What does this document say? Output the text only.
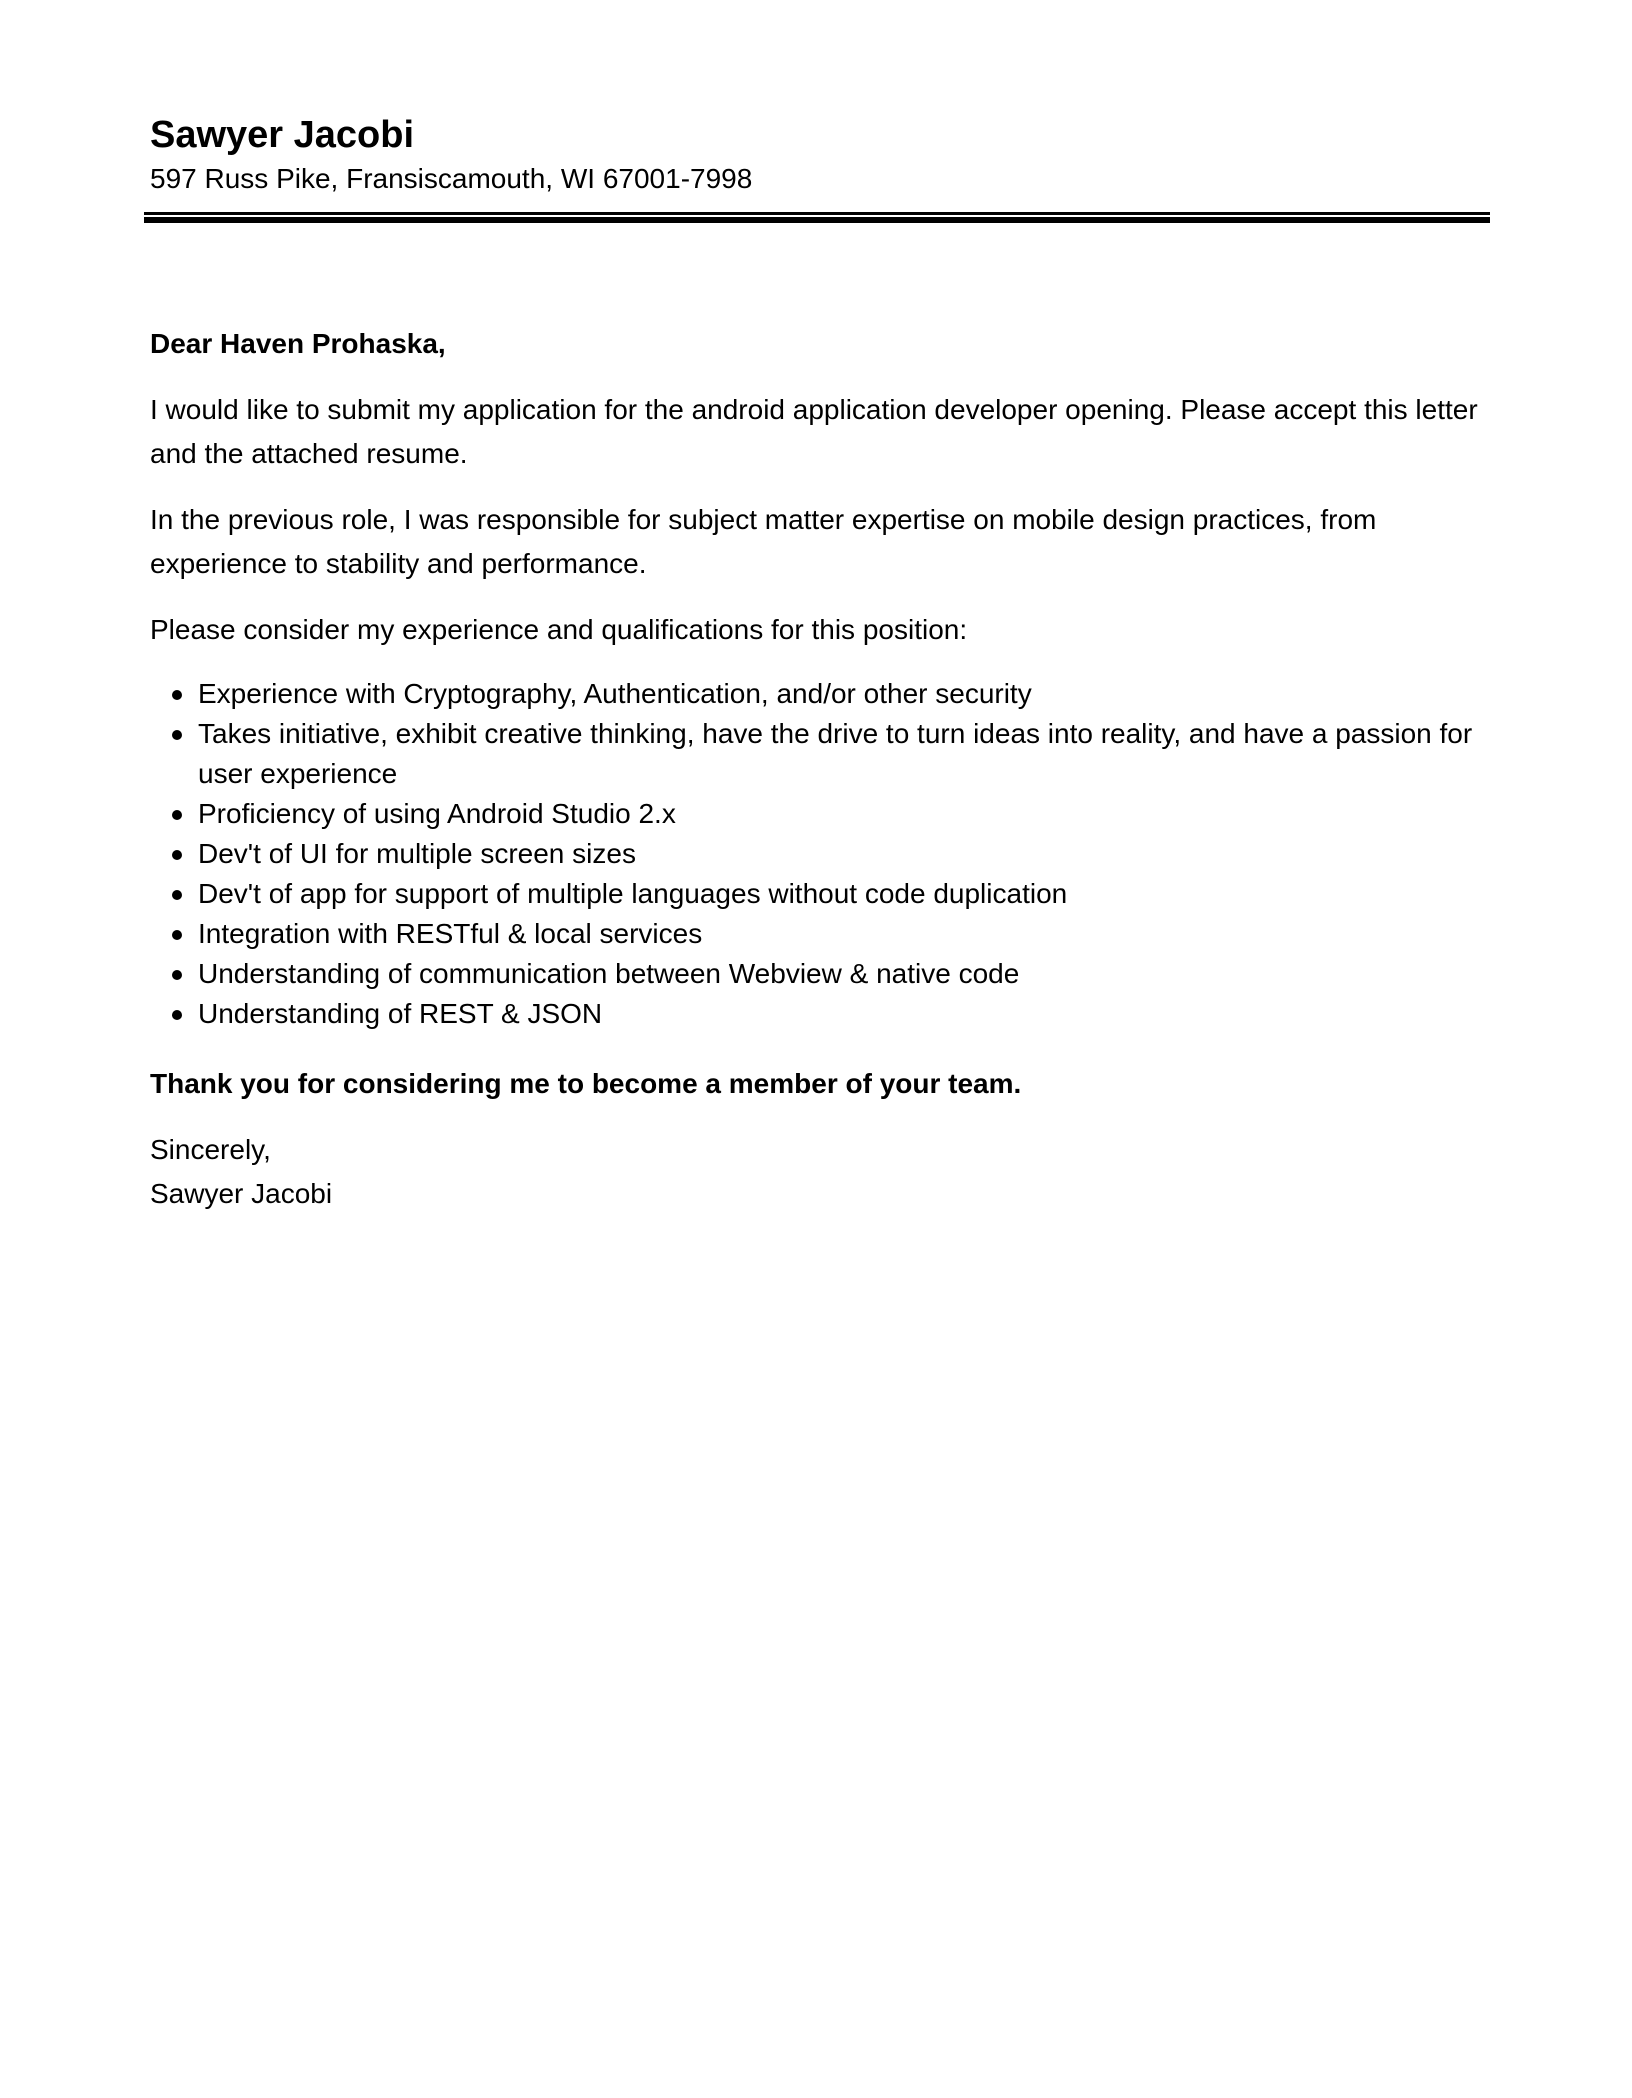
Sawyer Jacobi

597 Russ Pike, Fransiscamouth, WI 67001-7998

Dear Haven Prohaska,

I would like to submit my application for the android application developer opening. Please accept this letter and the attached resume.

In the previous role, I was responsible for subject matter expertise on mobile design practices, from experience to stability and performance.

Please consider my experience and qualifications for this position:

Experience with Cryptography, Authentication, and/or other security
Takes initiative, exhibit creative thinking, have the drive to turn ideas into reality, and have a passion for user experience
Proficiency of using Android Studio 2.x
Dev't of UI for multiple screen sizes
Dev't of app for support of multiple languages without code duplication
Integration with RESTful & local services
Understanding of communication between Webview & native code
Understanding of REST & JSON

Thank you for considering me to become a member of your team.

Sincerely,

Sawyer Jacobi
